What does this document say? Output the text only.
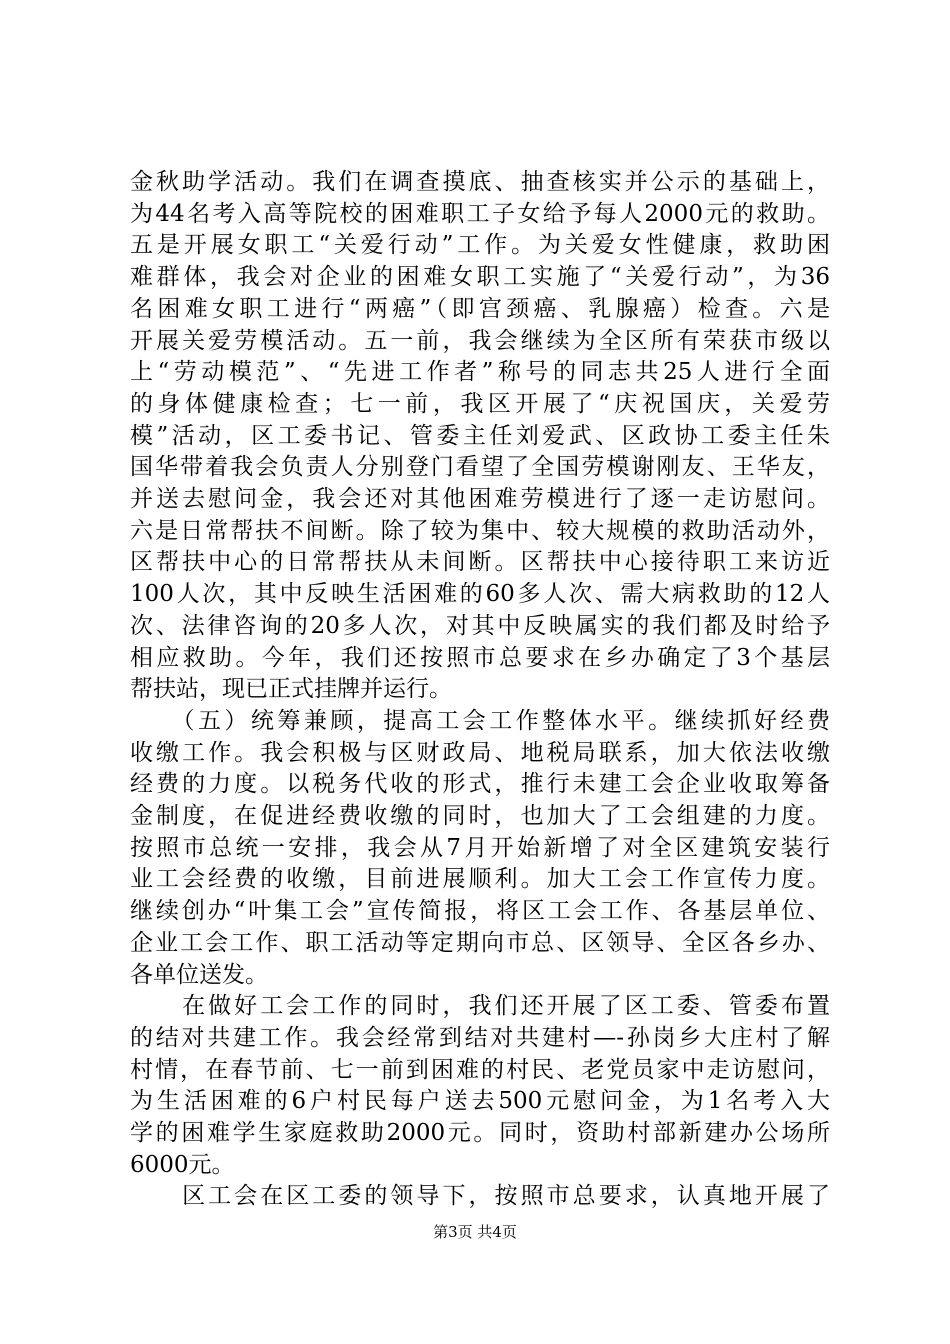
金秋助学活动。我们在调查摸底、抽查核实并公示的基础上，
为44名考入高等院校的困难职工子女给予每人2000元的救助。
五是开展女职工“关爱行动”工作。为关爱女性健康，救助困
难群体，我会对企业的困难女职工实施了“关爱行动”，为36
名困难女职工进行“两癌”（即宫颈癌、乳腺癌）检查。六是
开展关爱劳模活动。五一前，我会继续为全区所有荣获市级以
上“劳动模范”、“先进工作者”称号的同志共25人进行全面
的身体健康检查；七一前，我区开展了“庆祝国庆，关爱劳
模”活动，区工委书记、管委主任刘爱武、区政协工委主任朱
国华带着我会负责人分别登门看望了全国劳模谢刚友、王华友，
并送去慰问金，我会还对其他困难劳模进行了逐一走访慰问。
六是日常帮扶不间断。除了较为集中、较大规模的救助活动外，
区帮扶中心的日常帮扶从未间断。区帮扶中心接待职工来访近
100人次，其中反映生活困难的60多人次、需大病救助的12人
次、法律咨询的20多人次，对其中反映属实的我们都及时给予
相应救助。今年，我们还按照市总要求在乡办确定了3个基层
帮扶站，现已正式挂牌并运行。
　　（五）统筹兼顾，提高工会工作整体水平。继续抓好经费
收缴工作。我会积极与区财政局、地税局联系，加大依法收缴
经费的力度。以税务代收的形式，推行未建工会企业收取筹备
金制度，在促进经费收缴的同时，也加大了工会组建的力度。
按照市总统一安排，我会从7月开始新增了对全区建筑安装行
业工会经费的收缴，目前进展顺利。加大工会工作宣传力度。
继续创办“叶集工会”宣传简报，将区工会工作、各基层单位、
企业工会工作、职工活动等定期向市总、区领导、全区各乡办、
各单位送发。
　　在做好工会工作的同时，我们还开展了区工委、管委布置
的结对共建工作。我会经常到结对共建村—-孙岗乡大庄村了解
村情，在春节前、七一前到困难的村民、老党员家中走访慰问，
为生活困难的6户村民每户送去500元慰问金，为1名考入大
学的困难学生家庭救助2000元。同时，资助村部新建办公场所
6000元。
　　区工会在区工委的领导下，按照市总要求，认真地开展了
第3页 共4页
